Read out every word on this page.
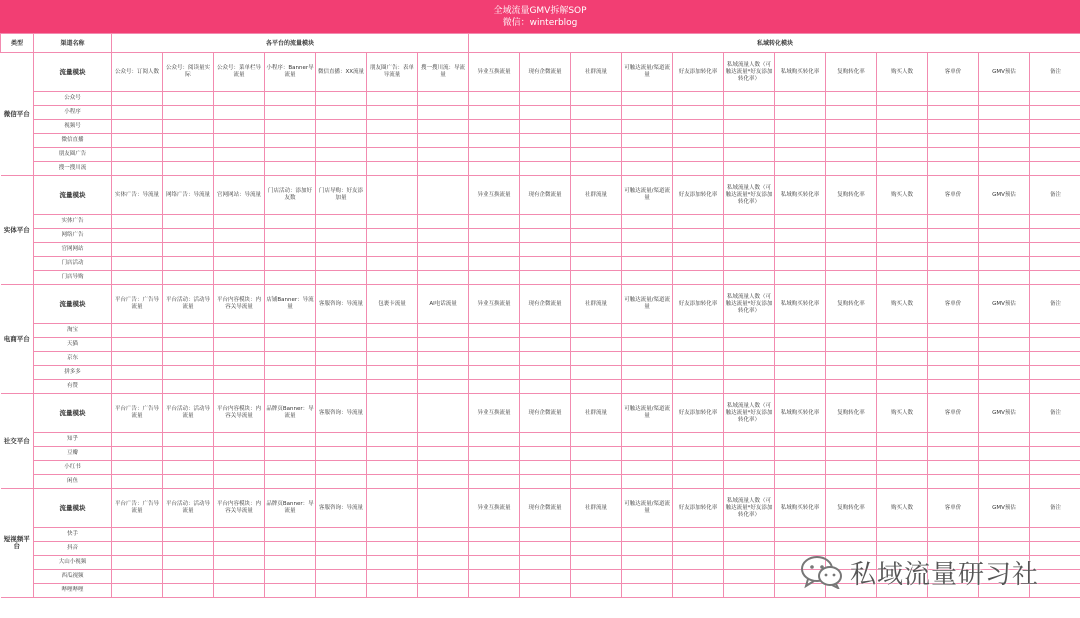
全域流量GMV拆解SOP
微信：winterblog
类型	渠道名称	各平台的流量模块							私域转化模块											
微信平台	流量模块	公众号：订阅人数	公众号：阅读量实际	公众号：菜单栏导流量	小程序：Banner导流量	微信直播：XX流量	朋友圈广告：表单导流量	搜一搜川流：导流量	异业互换流量	现有企微流量	社群流量	可触达流量/渠道流量	好友添加转化率	私域流量人数（可触达流量*好友添加转化率）	私域购买转化率	复购转化率	购买人数	客单价	GMV预估	备注
	公众号																			
	小程序																			
	视频号																			
	微信直播																			
	朋友圈广告																			
	搜一搜川流																			
实体平台	流量模块	实体广告：导流量	网络广告：导流量	官网网站：导流量	门店活动：添加好友数	门店导购：好友添加量			异业互换流量	现有企微流量	社群流量	可触达流量/渠道流量	好友添加转化率	私域流量人数（可触达流量*好友添加转化率）	私域购买转化率	复购转化率	购买人数	客单价	GMV预估	备注
	实体广告																			
	网络广告																			
	官网网站																			
	门店活动																			
	门店导购																			
电商平台	流量模块	平台广告：广告导流量	平台活动：活动导流量	平台内容模块：内容关导流量	店铺Banner：导流量	客服咨询：导流量	包裹卡流量	AI电话流量	异业互换流量	现有企微流量	社群流量	可触达流量/渠道流量	好友添加转化率	私域流量人数（可触达流量*好友添加转化率）	私域购买转化率	复购转化率	购买人数	客单价	GMV预估	备注
	淘宝																			
	天猫																			
	京东																			
	拼多多																			
	有赞																			
社交平台	流量模块	平台广告：广告导流量	平台活动：活动导流量	平台内容模块：内容关导流量	品牌页Banner：导流量	客服咨询：导流量			异业互换流量	现有企微流量	社群流量	可触达流量/渠道流量	好友添加转化率	私域流量人数（可触达流量*好友添加转化率）	私域购买转化率	复购转化率	购买人数	客单价	GMV预估	备注
	知乎																			
	豆瓣																			
	小红书																			
	闲鱼																			
短视频平台	流量模块	平台广告：广告导流量	平台活动：活动导流量	平台内容模块：内容关导流量	品牌页Banner：导流量	客服咨询：导流量			异业互换流量	现有企微流量	社群流量	可触达流量/渠道流量	好友添加转化率	私域流量人数（可触达流量*好友添加转化率）	私域购买转化率	复购转化率	购买人数	客单价	GMV预估	备注
	快手																			
	抖音																			
	大山小视频																			
	西瓜视频																			
	哔哩哔哩																			
私域流量研习社
